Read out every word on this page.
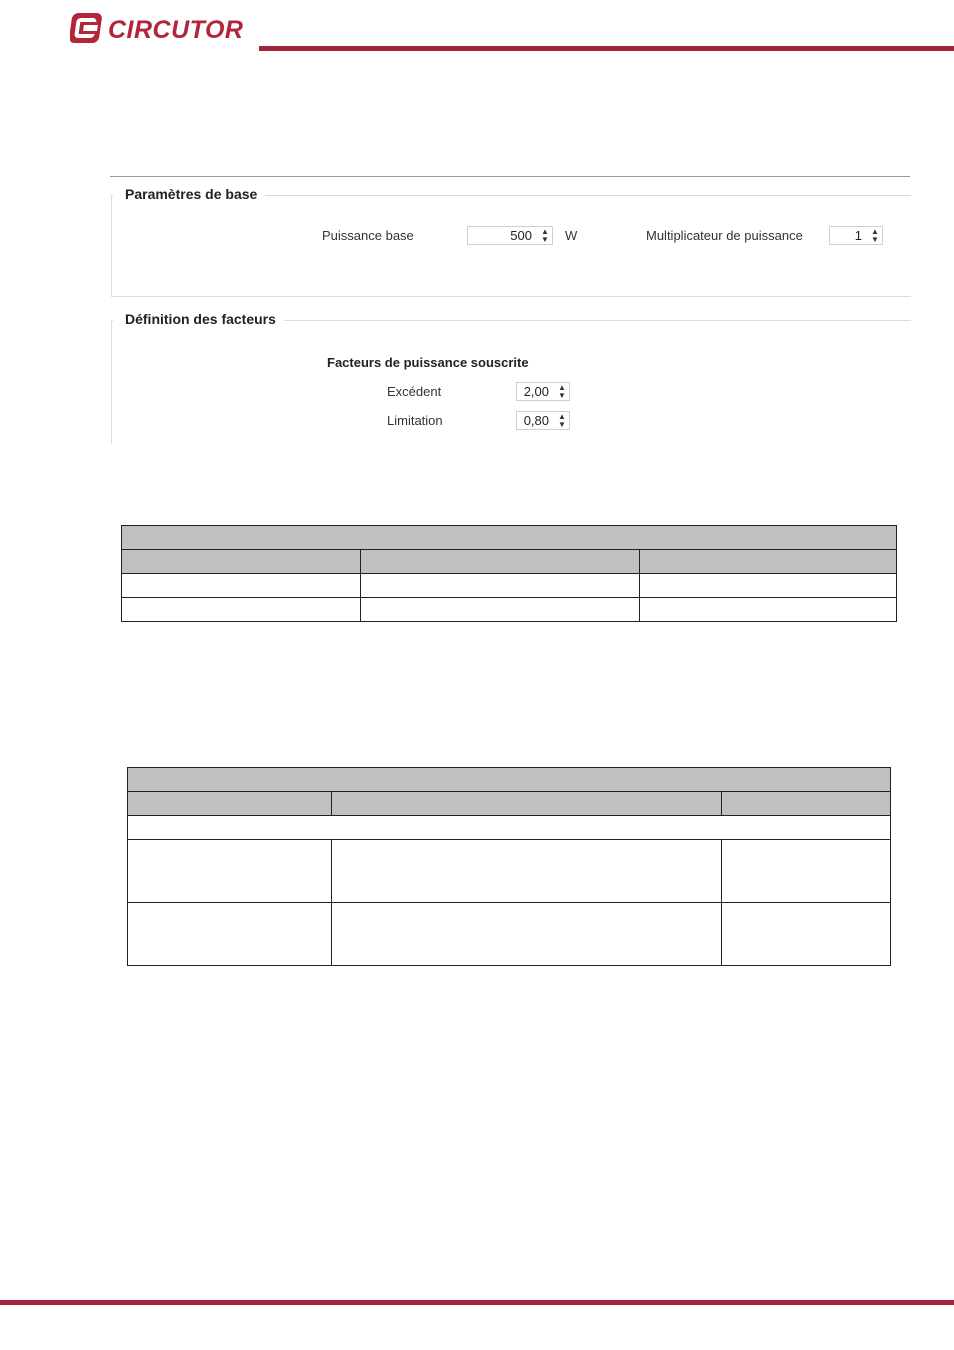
CIRCUTOR
Paramètres de base
Puissance base	500	▲
▼ W	Multiplicateur de puissance	1	▲
▼
Définition des facteurs
Facteurs de puissance souscrite
Excédent	2,00	▲
▼
Limitation	0,80	▲
▼
